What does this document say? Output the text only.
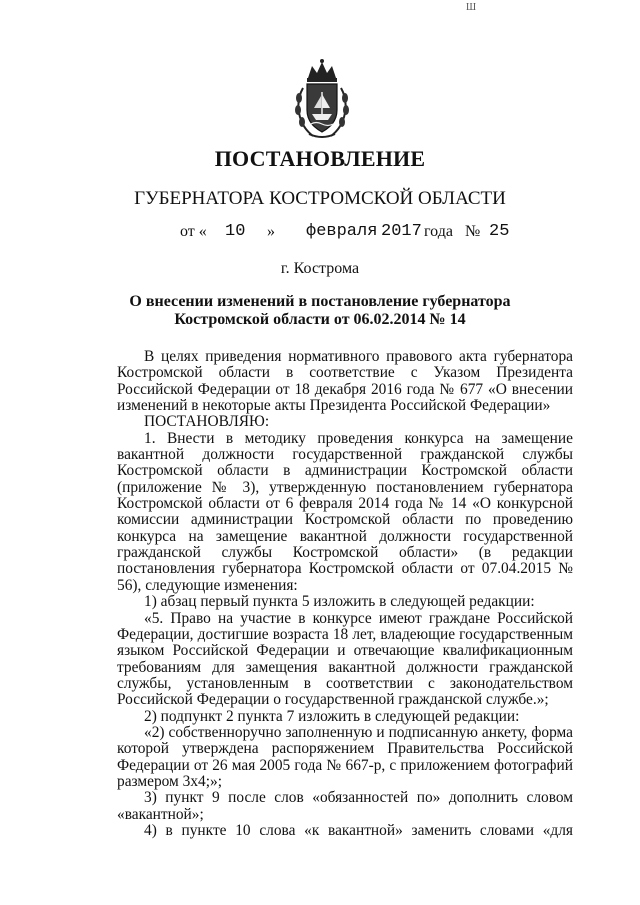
Ш
ПОСТАНОВЛЕНИЕ
ГУБЕРНАТОРА КОСТРОМСКОЙ ОБЛАСТИ
от « 10 » февраля 2017 года № 25
г. Кострома
О внесении изменений в постановление губернатора
Костромской области от 06.02.2014 № 14

В целях приведения нормативного правового акта губернатора Костромской области в соответствие с Указом Президента Российской Федерации от 18 декабря 2016 года № 677 «О внесении изменений в некоторые акты Президента Российской Федерации»

ПОСТАНОВЛЯЮ:

1. Внести в методику проведения конкурса на замещение вакантной должности государственной гражданской службы Костромской области в администрации Костромской области (приложение № 3), утвержденную постановлением губернатора Костромской области от 6 февраля 2014 года № 14 «О конкурсной комиссии администрации Костромской области по проведению конкурса на замещение вакантной должности государственной гражданской службы Костромской области» (в редакции постановления губернатора Костромской области от 07.04.2015 № 56), следующие изменения:

1) абзац первый пункта 5 изложить в следующей редакции:

«5. Право на участие в конкурсе имеют граждане Российской Федерации, достигшие возраста 18 лет, владеющие государственным языком Российской Федерации и отвечающие квалификационным требованиям для замещения вакантной должности гражданской службы, установленным в соответствии с законодательством Российской Федерации о государственной гражданской службе.»;

2) подпункт 2 пункта 7 изложить в следующей редакции:

«2) собственноручно заполненную и подписанную анкету, форма которой утверждена распоряжением Правительства Российской Федерации от 26 мая 2005 года № 667-р, с приложением фотографий размером 3х4;»;

3) пункт 9 после слов «обязанностей по» дополнить словом «вакантной»;

4) в пункте 10 слова «к вакантной» заменить словами «для
